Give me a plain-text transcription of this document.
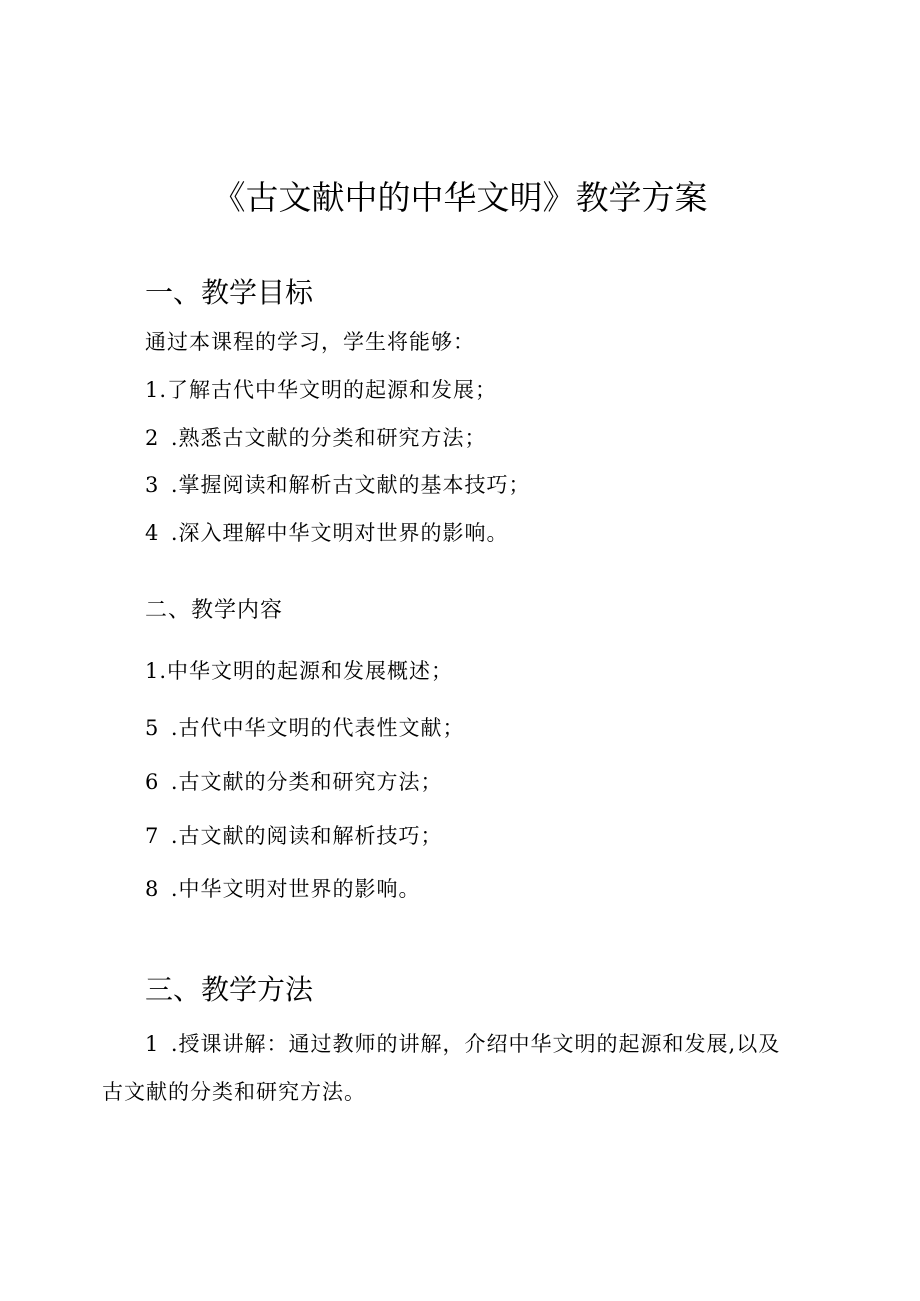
《古文献中的中华文明》教学方案
一、教学目标
通过本课程的学习，学生将能够：
1.了解古代中华文明的起源和发展；
2 .熟悉古文献的分类和研究方法；
3 .掌握阅读和解析古文献的基本技巧；
4 .深入理解中华文明对世界的影响。
二、教学内容
1.中华文明的起源和发展概述；
5 .古代中华文明的代表性文献；
6 .古文献的分类和研究方法；
7 .古文献的阅读和解析技巧；
8 .中华文明对世界的影响。
三、教学方法

1 .授课讲解：通过教师的讲解，介绍中华文明的起源和发展,以及古文献的分类和研究方法。
